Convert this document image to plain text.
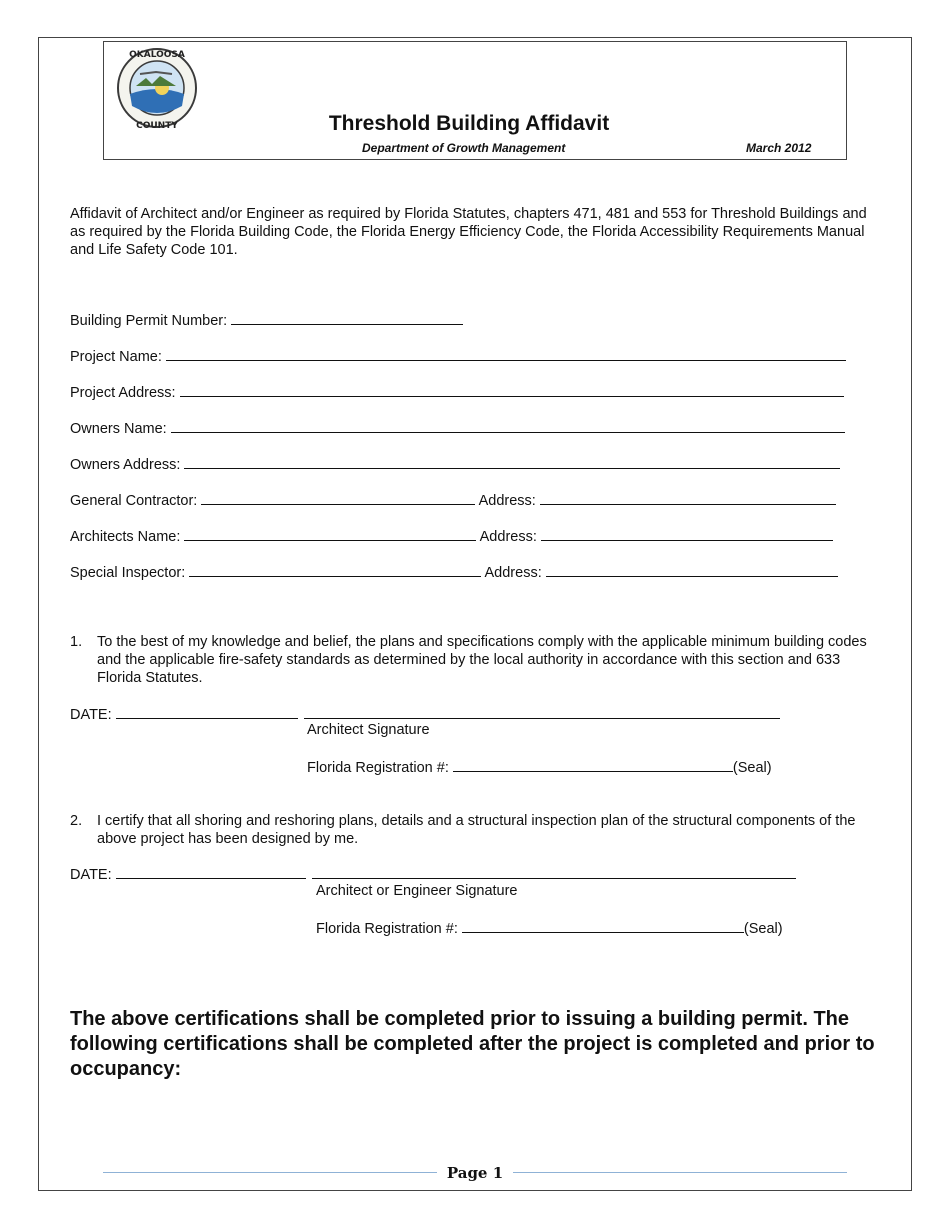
OKALOOSA
COUNTY	Threshold Building Affidavit
Department of Growth Management	March 2012
Affidavit of Architect and/or Engineer as required by Florida Statutes, chapters 471, 481 and 553 for Threshold Buildings and as required by the Florida Building Code, the Florida Energy Efficiency Code, the Florida Accessibility Requirements Manual and Life Safety Code 101.
Building Permit Number:
Project Name:
Project Address:
Owners Name:
Owners Address:
General Contractor:	Address:
Architects Name:	Address:
Special Inspector:	Address:
1. To the best of my knowledge and belief, the plans and specifications comply with the applicable minimum building codes and the applicable fire-safety standards as determined by the local authority in accordance with this section and 633 Florida Statutes.
DATE:
Architect Signature
Florida Registration #:	(Seal)
2. I certify that all shoring and reshoring plans, details and a structural inspection plan of the structural components of the above project has been designed by me.
DATE:
Architect or Engineer Signature
Florida Registration #:	(Seal)
The above certifications shall be completed prior to issuing a building permit. The following certifications shall be completed after the project is completed and prior to occupancy:
Page 1
